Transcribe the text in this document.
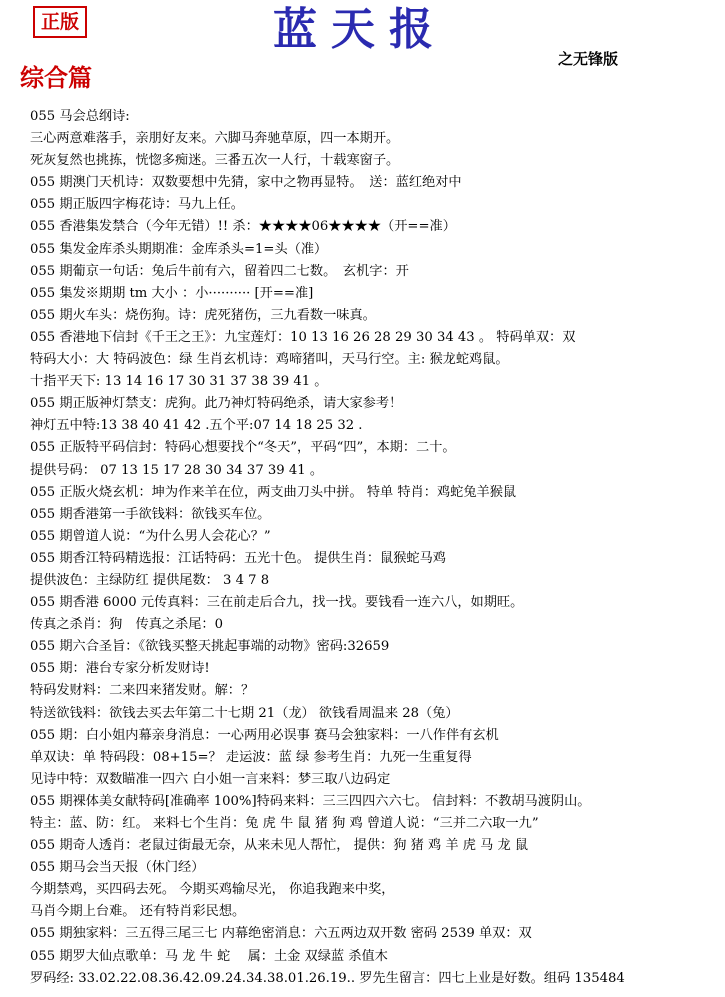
正版	蓝天报
之无锋版
综合篇
055 马会总纲诗:
三心两意难落手，亲朋好友来。六脚马奔驰草原，四一本期开。
死灰复然也挑拣，恍惚多痴迷。三番五次一人行，十载寒窗子。
055 期澳门天机诗：双数要想中先猜，家中之物再显特。　送：蓝红绝对中
055 期正版四字梅花诗：马九上任。
055 香港集发禁合（今年无错）!! 杀：★★★★06★★★★（开==准）
055 集发金库杀头期期准：金库杀头=1=头（准）
055 期葡京一句话：兔后牛前有六，留着四二七数。　玄机字：开
055 集发※期期 tm 大小 ：小·········· [开==准]
055 期火车头：烧伤狗。诗：虎死猪伤，三九看数一味真。
055 香港地下信封《千王之王》：九宝莲灯：10 13 16 26 28 29 30 34 43 。 特码单双：双
特码大小：大 特码波色：绿 生肖玄机诗：鸡啼猪叫，天马行空。主: 猴龙蛇鸡鼠。
十指平天下: 13 14 16 17 30 31 37 38 39 41 。
055 期正版神灯禁支：虎狗。此乃神灯特码绝杀，请大家参考！
神灯五中特:13 38 40 41 42 .五个平:07 14 18 25 32 .
055 正版特平码信封：特码心想要找个“冬天”，平码“四”，本期：二十。
提供号码： 07 13 15 17 28 30 34 37 39 41 。
055 正版火烧玄机：坤为作来羊在位，两支曲刀头中拼。 特单 特肖：鸡蛇兔羊猴鼠
055 期香港第一手欲钱料：欲钱买车位。
055 期曾道人说：“为什么男人会花心？”
055 期香江特码精选报：江话特码：五光十色。 提供生肖：鼠猴蛇马鸡
提供波色：主绿防红 提供尾数： 3 4 7 8
055 期香港 6000 元传真料：三在前走后合九，找一找。要钱看一连六八，如期旺。
传真之杀肖：狗　传真之杀尾：0
055 期六合圣旨：《欲钱买整天挑起事端的动物》密码:32659
055 期：港台专家分析发财诗!
特码发财料：二来四来猪发财。解：？
特送欲钱料：欲钱去买去年第二十七期 21（龙） 欲钱看周温来 28（兔）
055 期：白小姐内幕亲身消息：一心两用必误事 赛马会独家料：一八作伴有玄机
单双诀：单 特码段：08+15=？ 走运波：蓝 绿 参考生肖：九死一生重复得
见诗中特：双数瞄准一四六 白小姐一言来料：梦三取八边码定
055 期裸体美女献特码[准确率 100%]特码来料：三三四四六六七。 信封料：不教胡马渡阴山。
特主：蓝、防：红。 来料七个生肖：兔 虎 牛 鼠 猪 狗 鸡 曾道人说：“三并二六取一九”
055 期奇人透肖：老鼠过街最无奈，从来未见人帮忙， 提供：狗 猪 鸡 羊 虎 马 龙 鼠
055 期马会当天报（休门经）
今期禁鸡，买四码去死。 今期买鸡输尽光， 你追我跑来中奖，
马肖今期上台难。 还有特肖彩民想。
055 期独家料：三五得三尾三七 内幕绝密消息：六五两边双开数 密码 2539 单双：双
055 期罗大仙点歌单：马 龙 牛 蛇　 属：土金 双绿蓝 杀值木
罗码经: 33.02.22.08.36.42.09.24.34.38.01.26.19.. 罗先生留言：四七上业是好数。组码 135484
